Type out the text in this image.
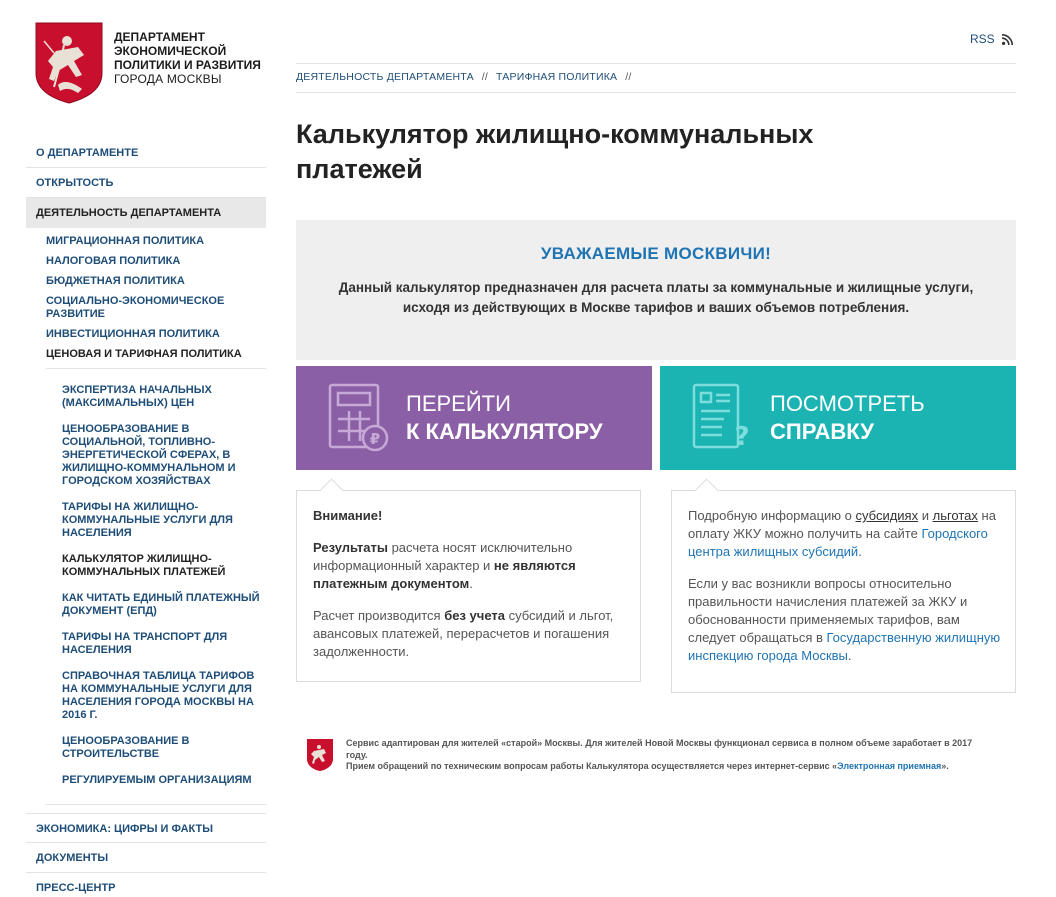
ДЕПАРТАМЕНТ
ЭКОНОМИЧЕСКОЙ
ПОЛИТИКИ И РАЗВИТИЯ
ГОРОДА МОСКВЫ
О ДЕПАРТАМЕНТЕ
ОТКРЫТОСТЬ
ДЕЯТЕЛЬНОСТЬ ДЕПАРТАМЕНТА
МИГРАЦИОННАЯ ПОЛИТИКА
НАЛОГОВАЯ ПОЛИТИКА
БЮДЖЕТНАЯ ПОЛИТИКА
СОЦИАЛЬНО-ЭКОНОМИЧЕСКОЕ РАЗВИТИЕ
ИНВЕСТИЦИОННАЯ ПОЛИТИКА
ЦЕНОВАЯ И ТАРИФНАЯ ПОЛИТИКА
ЭКСПЕРТИЗА НАЧАЛЬНЫХ (МАКСИМАЛЬНЫХ) ЦЕН
ЦЕНООБРАЗОВАНИЕ В СОЦИАЛЬНОЙ, ТОПЛИВНО-ЭНЕРГЕТИЧЕСКОЙ СФЕРАХ, В ЖИЛИЩНО-КОММУНАЛЬНОМ И ГОРОДСКОМ ХОЗЯЙСТВАХ
ТАРИФЫ НА ЖИЛИЩНО-КОММУНАЛЬНЫЕ УСЛУГИ ДЛЯ НАСЕЛЕНИЯ
КАЛЬКУЛЯТОР ЖИЛИЩНО-КОММУНАЛЬНЫХ ПЛАТЕЖЕЙ
КАК ЧИТАТЬ ЕДИНЫЙ ПЛАТЕЖНЫЙ ДОКУМЕНТ (ЕПД)
ТАРИФЫ НА ТРАНСПОРТ ДЛЯ НАСЕЛЕНИЯ
СПРАВОЧНАЯ ТАБЛИЦА ТАРИФОВ НА КОММУНАЛЬНЫЕ УСЛУГИ ДЛЯ НАСЕЛЕНИЯ ГОРОДА МОСКВЫ НА 2016 Г.
ЦЕНООБРАЗОВАНИЕ В СТРОИТЕЛЬСТВЕ
РЕГУЛИРУЕМЫМ ОРГАНИЗАЦИЯМ
ЭКОНОМИКА: ЦИФРЫ И ФАКТЫ
ДОКУМЕНТЫ
ПРЕСС-ЦЕНТР
RSS
ДЕЯТЕЛЬНОСТЬ ДЕПАРТАМЕНТА // ТАРИФНАЯ ПОЛИТИКА //
Калькулятор жилищно-коммунальных платежей
УВАЖАЕМЫЕ МОСКВИЧИ!
Данный калькулятор предназначен для расчета платы за коммунальные и жилищные услуги, исходя из действующих в Москве тарифов и ваших объемов потребления.
₽
ПЕРЕЙТИ
К КАЛЬКУЛЯТОРУ	?
ПОСМОТРЕТЬ
СПРАВКУ

Внимание!

Результаты расчета носят исключительно информационный характер и не являются платежным документом.

Расчет производится без учета субсидий и льгот, авансовых платежей, перерасчетов и погашения задолженности.

Подробную информацию о субсидиях и льготах на оплату ЖКУ можно получить на сайте Городского центра жилищных субсидий.

Если у вас возникли вопросы относительно правильности начисления платежей за ЖКУ и обоснованности применяемых тарифов, вам следует обращаться в Государственную жилищную инспекцию города Москвы.

Сервис адаптирован для жителей «старой» Москвы. Для жителей Новой Москвы функционал сервиса в полном объеме заработает в 2017 году.
Прием обращений по техническим вопросам работы Калькулятора осуществляется через интернет-сервис «Электронная приемная».
